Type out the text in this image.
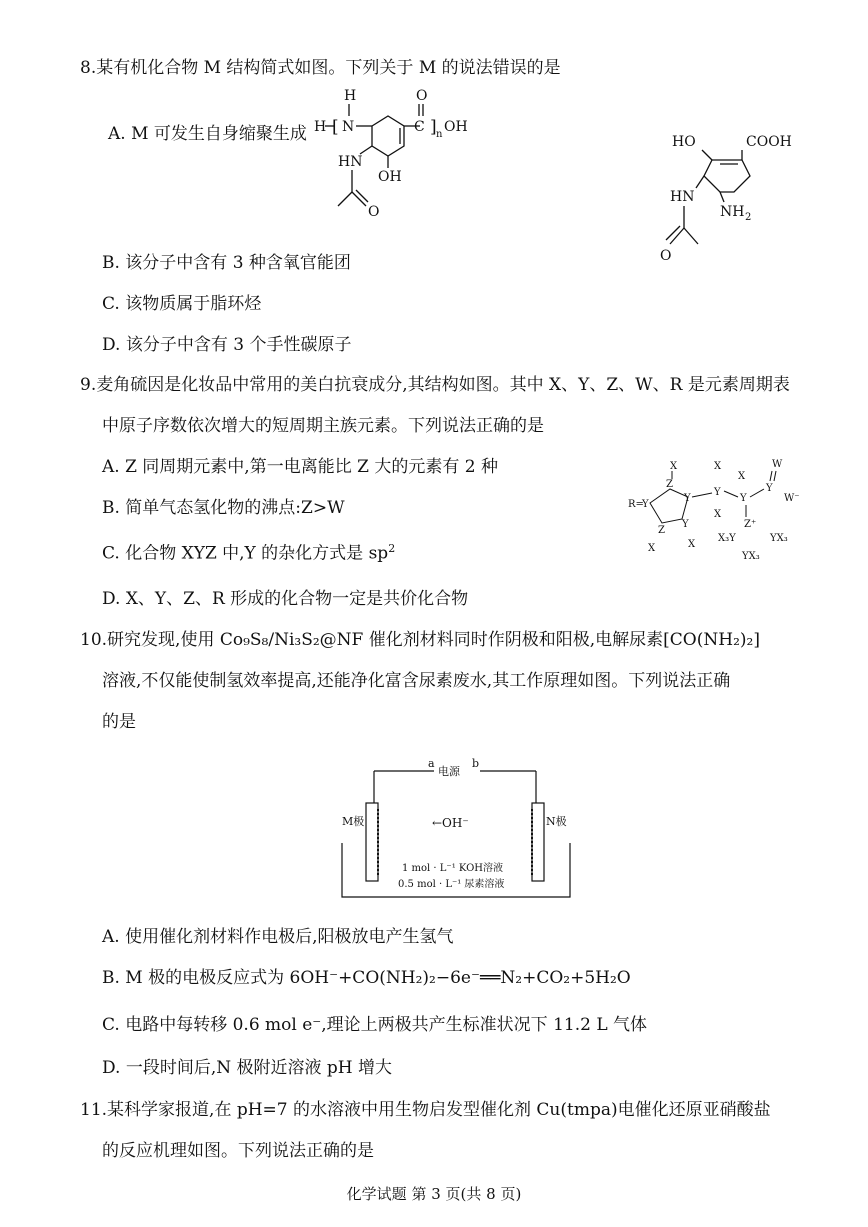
8.某有机化合物 M 结构简式如图。下列关于 M 的说法错误的是
A. M 可发生自身缩聚生成
H
H [ N	C
O
] n OH
HN
OH
O
HO	COOH
HN
NH 2
O
B. 该分子中含有 3 种含氧官能团
C. 该物质属于脂环烃
D. 该分子中含有 3 个手性碳原子
9.麦角硫因是化妆品中常用的美白抗衰成分,其结构如图。其中 X、Y、Z、W、R 是元素周期表
中原子序数依次增大的短周期主族元素。下列说法正确的是
A. Z 同周期元素中,第一电离能比 Z 大的元素有 2 种
B. 简单气态氢化物的沸点:Z>W
C. 化合物 XYZ 中,Y 的杂化方式是 $sp^2$
D. X、Y、Z、R 形成的化合物一定是共价化合物
R=
Y
Z
X
Z
X
Y
Y
X
X
Y
X
X
Y
Y
W
W⁻
Z⁺
X₃Y	YX₃
YX₃
10.研究发现,使用 Co₉S₈/Ni₃S₂@NF 催化剂材料同时作阴极和阳极,电解尿素[CO(NH₂)₂]
溶液,不仅能使制氢效率提高,还能净化富含尿素废水,其工作原理如图。下列说法正确
的是
a
电源
b
M极	N极
←OH⁻
1 mol · L⁻¹ KOH溶液
0.5 mol · L⁻¹ 尿素溶液
A. 使用催化剂材料作电极后,阳极放电产生氢气
B. M 极的电极反应式为 6OH⁻+CO(NH₂)₂−6e⁻══N₂+CO₂+5H₂O
C. 电路中每转移 0.6 mol e⁻,理论上两极共产生标准状况下 11.2 L 气体
D. 一段时间后,N 极附近溶液 pH 增大
11.某科学家报道,在 pH=7 的水溶液中用生物启发型催化剂 Cu(tmpa)电催化还原亚硝酸盐
的反应机理如图。下列说法正确的是
化学试题 第 3 页(共 8 页)
